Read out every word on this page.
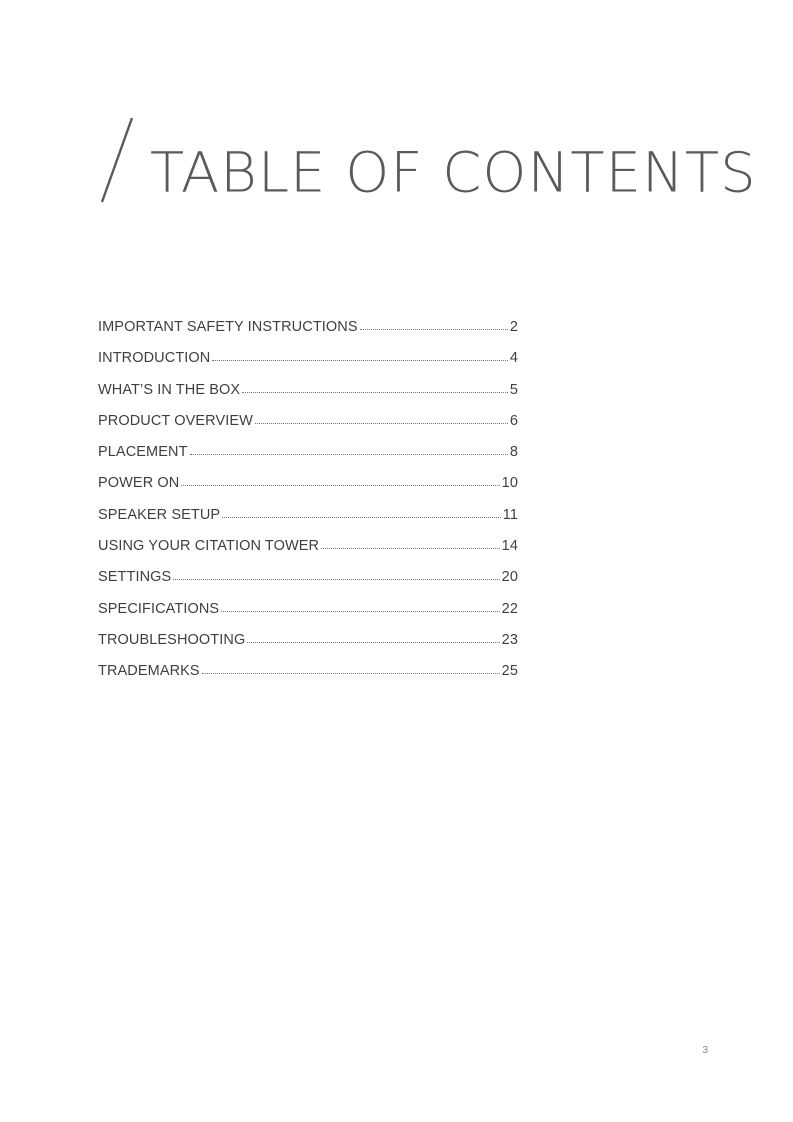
TABLE OF CONTENTS
IMPORTANT SAFETY INSTRUCTIONS	2
INTRODUCTION	4
WHAT’S IN THE BOX	5
PRODUCT OVERVIEW	6
PLACEMENT	8
POWER ON	10
SPEAKER SETUP	11
USING YOUR CITATION TOWER	14
SETTINGS	20
SPECIFICATIONS	22
TROUBLESHOOTING	23
TRADEMARKS	25
3
